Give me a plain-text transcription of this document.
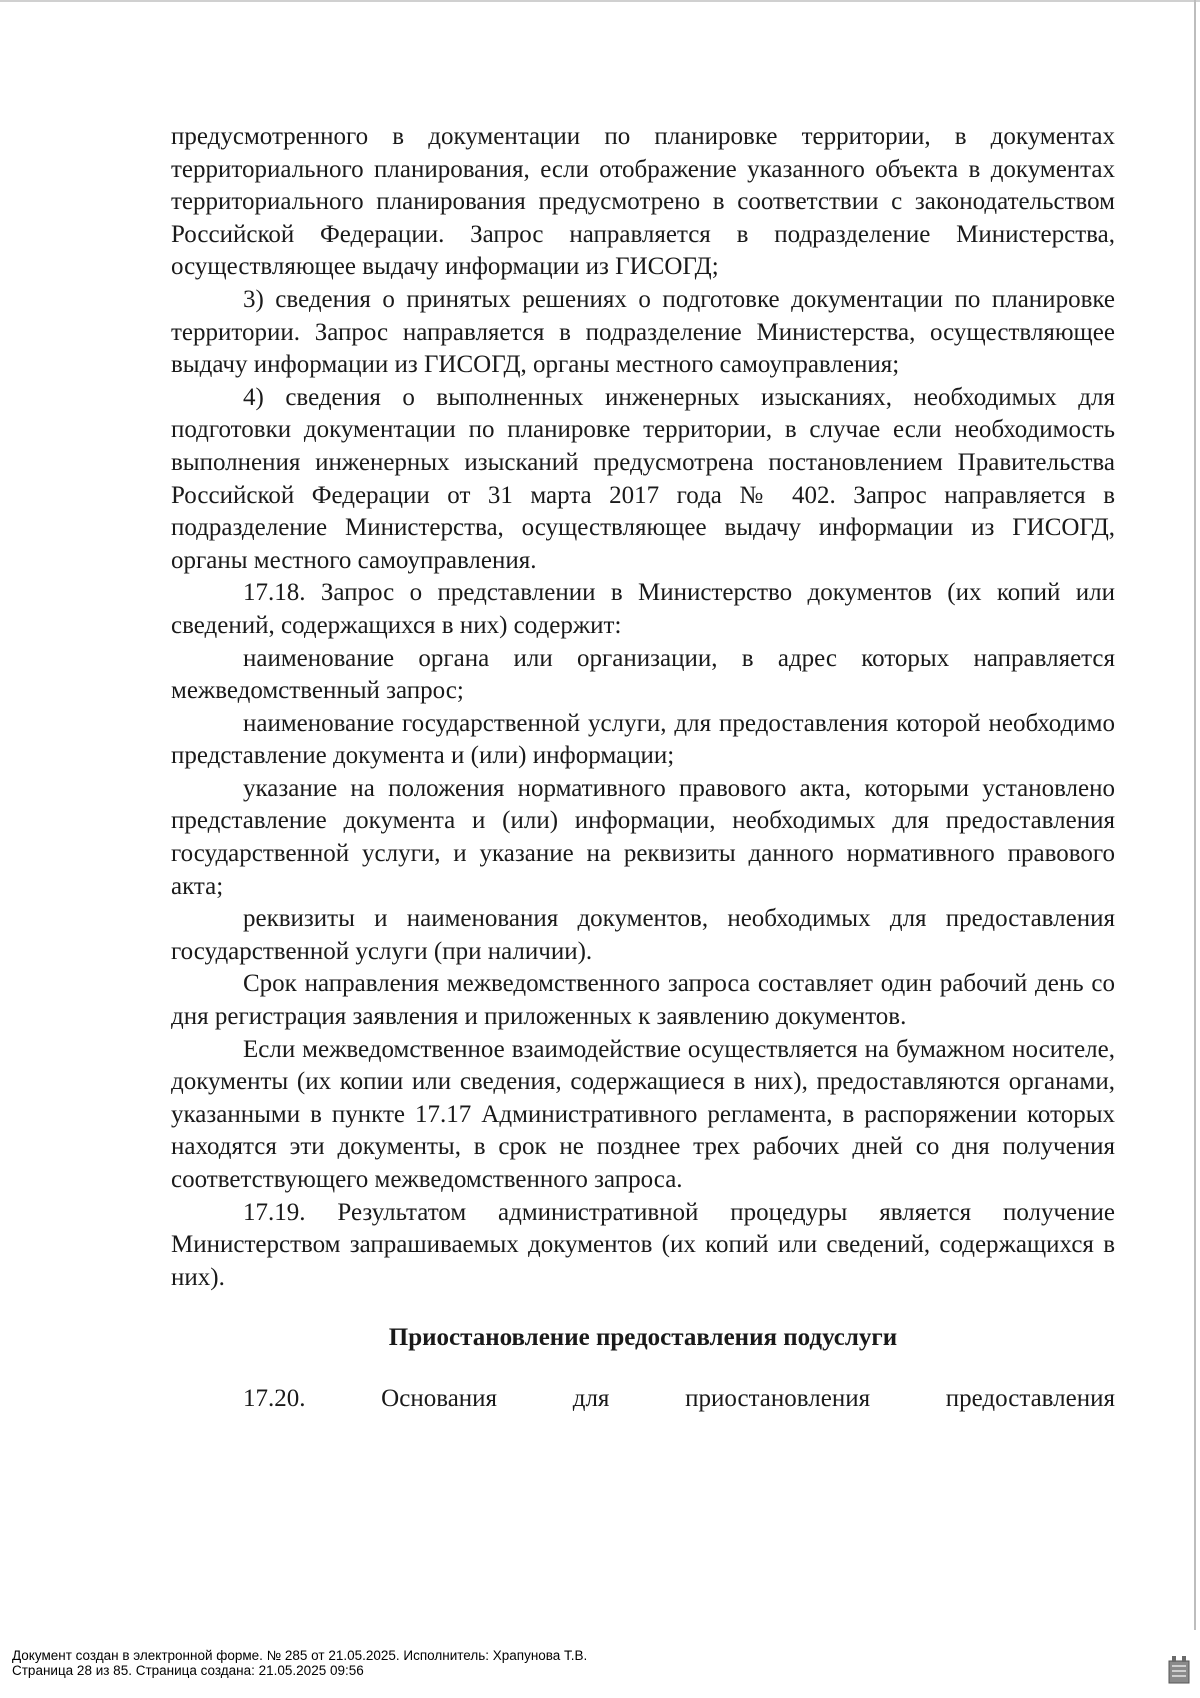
предусмотренного в документации по планировке территории, в документах территориального планирования, если отображение указанного объекта в документах территориального планирования предусмотрено в соответствии с законодательством Российской Федерации. Запрос направляется в подразделение Министерства, осуществляющее выдачу информации из ГИСОГД;

3) сведения о принятых решениях о подготовке документации по планировке территории. Запрос направляется в подразделение Министерства, осуществляющее выдачу информации из ГИСОГД, органы местного самоуправления;

4) сведения о выполненных инженерных изысканиях, необходимых для подготовки документации по планировке территории, в случае если необходимость выполнения инженерных изысканий предусмотрена постановлением Правительства Российской Федерации от 31 марта 2017 года № 402. Запрос направляется в подразделение Министерства, осуществляющее выдачу информации из ГИСОГД, органы местного самоуправления.

17.18. Запрос о представлении в Министерство документов (их копий или сведений, содержащихся в них) содержит:

наименование органа или организации, в адрес которых направляется межведомственный запрос;

наименование государственной услуги, для предоставления которой необходимо представление документа и (или) информации;

указание на положения нормативного правового акта, которыми установлено представление документа и (или) информации, необходимых для предоставления государственной услуги, и указание на реквизиты данного нормативного правового акта;

реквизиты и наименования документов, необходимых для предоставления государственной услуги (при наличии).

Срок направления межведомственного запроса составляет один рабочий день со дня регистрация заявления и приложенных к заявлению документов.

Если межведомственное взаимодействие осуществляется на бумажном носителе, документы (их копии или сведения, содержащиеся в них), предоставляются органами, указанными в пункте 17.17 Административного регламента, в распоряжении которых находятся эти документы, в срок не позднее трех рабочих дней со дня получения соответствующего межведомственного запроса.

17.19. Результатом административной процедуры является получение Министерством запрашиваемых документов (их копий или сведений, содержащихся в них).

Приостановление предоставления подуслуги

17.20. Основания для приостановления предоставления

Документ создан в электронной форме. № 285 от 21.05.2025. Исполнитель: Храпунова Т.В.
Страница 28 из 85. Страница создана: 21.05.2025 09:56
